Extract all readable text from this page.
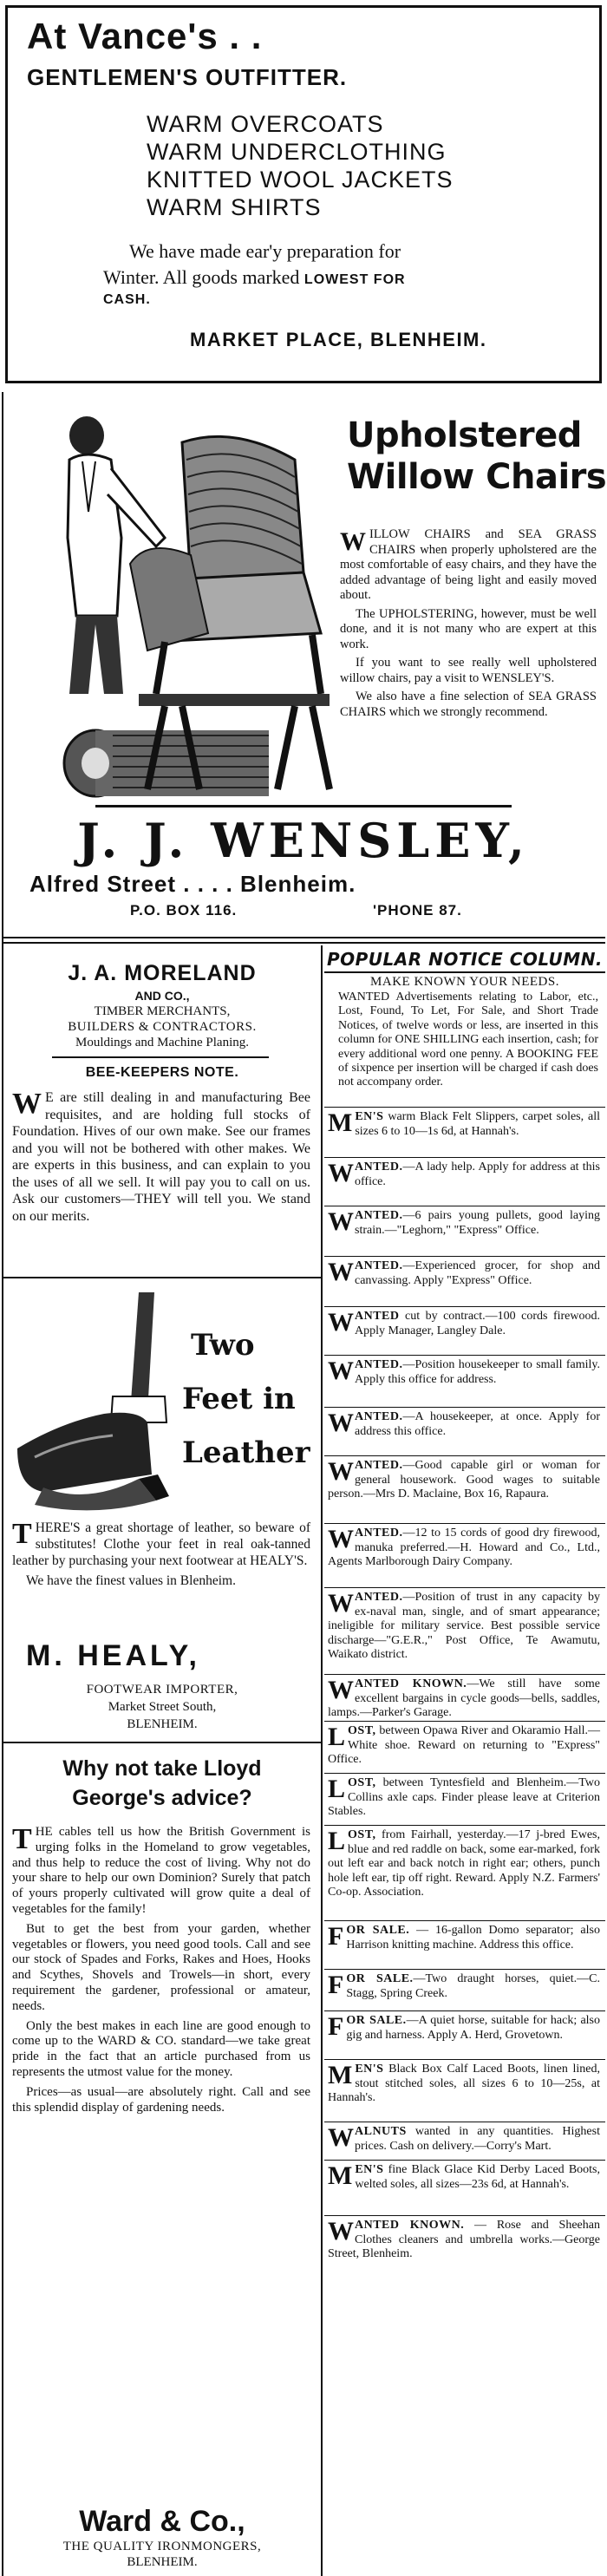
At Vance's . .
GENTLEMEN'S OUTFITTER.
WARM OVERCOATS
WARM UNDERCLOTHING
KNITTED WOOL JACKETS
WARM SHIRTS
We have made ear'y preparation for
Winter. All goods marked LOWEST FOR
CASH.
MARKET PLACE, BLENHEIM.
Upholstered
Willow Chairs
WILLOW CHAIRS and SEA GRASS CHAIRS when properly upholstered are the most comfortable of easy chairs, and they have the added advantage of being light and easily moved about.
The UPHOLSTERING, however, must be well done, and it is not many who are expert at this work.
If you want to see really well upholstered willow chairs, pay a visit to WENSLEY'S.
We also have a fine selection of SEA GRASS CHAIRS which we strongly recommend.
J. J. WENSLEY,
Alfred Street . . . . Blenheim.
P.O. BOX 116.	'PHONE 87.
J. A. MORELAND
AND CO.,
TIMBER MERCHANTS,
BUILDERS & CONTRACTORS.
Mouldings and Machine Planing.
BEE-KEEPERS NOTE.
W E are still dealing in and manufacturing Bee requisites, and are holding full stocks of Foundation. Hives of our own make. See our frames and you will not be bothered with other makes. We are experts in this business, and can explain to you the uses of all we sell. It will pay you to call on us. Ask our customers—THEY will tell you. We stand on our merits.
Two
Feet in
Leather
THERE'S a great shortage of leather, so beware of substitutes! Clothe your feet in real oak-tanned leather by purchasing your next footwear at HEALY'S.
We have the finest values in Blenheim.
M. HEALY,
FOOTWEAR IMPORTER,
Market Street South,
BLENHEIM.
Why not take Lloyd
George's advice?
THE cables tell us how the British Government is urging folks in the Homeland to grow vegetables, and thus help to reduce the cost of living. Why not do your share to help our own Dominion? Surely that patch of yours properly cultivated will grow quite a deal of vegetables for the family!
But to get the best from your garden, whether vegetables or flowers, you need good tools. Call and see our stock of Spades and Forks, Rakes and Hoes, Hooks and Scythes, Shovels and Trowels—in short, every requirement the gardener, professional or amateur, needs.
Only the best makes in each line are good enough to come up to the WARD & CO. standard—we take great pride in the fact that an article purchased from us represents the utmost value for the money.
Prices—as usual—are absolutely right. Call and see this splendid display of gardening needs.
Ward & Co.,
THE QUALITY IRONMONGERS,
BLENHEIM.
POPULAR NOTICE COLUMN.
MAKE KNOWN YOUR NEEDS.
WANTED Advertisements relating to Labor, etc., Lost, Found, To Let, For Sale, and Short Trade Notices, of twelve words or less, are inserted in this column for ONE SHILLING each insertion, cash; for every additional word one penny. A BOOKING FEE of sixpence per insertion will be charged if cash does not accompany order.
MEN'S warm Black Felt Slippers, carpet soles, all sizes 6 to 10—1s 6d, at Hannah's.
WANTED.—A lady help. Apply for address at this office.
WANTED.—6 pairs young pullets, good laying strain.—"Leghorn," "Express" Office.
WANTED.—Experienced grocer, for shop and canvassing. Apply "Express" Office.
WANTED cut by contract.—100 cords firewood. Apply Manager, Langley Dale.
WANTED.—Position housekeeper to small family. Apply this office for address.
WANTED.—A housekeeper, at once. Apply for address this office.
WANTED.—Good capable girl or woman for general housework. Good wages to suitable person.—Mrs D. Maclaine, Box 16, Rapaura.
WANTED.—12 to 15 cords of good dry firewood, manuka preferred.—H. Howard and Co., Ltd., Agents Marlborough Dairy Company.
WANTED.—Position of trust in any capacity by ex-naval man, single, and of smart appearance; ineligible for military service. Best possible service discharge—"G.E.R.," Post Office, Te Awamutu, Waikato district.
WANTED KNOWN.—We still have some excellent bargains in cycle goods—bells, saddles, lamps.—Parker's Garage.
LOST, between Opawa River and Okaramio Hall.—White shoe. Reward on returning to "Express" Office.
LOST, between Tyntesfield and Blenheim.—Two Collins axle caps. Finder please leave at Criterion Stables.
LOST, from Fairhall, yesterday.—17 j-bred Ewes, blue and red raddle on back, some ear-marked, fork out left ear and back notch in right ear; others, punch hole left ear, tip off right. Reward. Apply N.Z. Farmers' Co-op. Association.
FOR SALE. — 16-gallon Domo separator; also Harrison knitting machine. Address this office.
FOR SALE.—Two draught horses, quiet.—C. Stagg, Spring Creek.
FOR SALE.—A quiet horse, suitable for hack; also gig and harness. Apply A. Herd, Grovetown.
MEN'S Black Box Calf Laced Boots, linen lined, stout stitched soles, all sizes 6 to 10—25s, at Hannah's.
WALNUTS wanted in any quantities. Highest prices. Cash on delivery.—Corry's Mart.
MEN'S fine Black Glace Kid Derby Laced Boots, welted soles, all sizes—23s 6d, at Hannah's.
WANTED KNOWN. — Rose and Sheehan Clothes cleaners and umbrella works.—George Street, Blenheim.
